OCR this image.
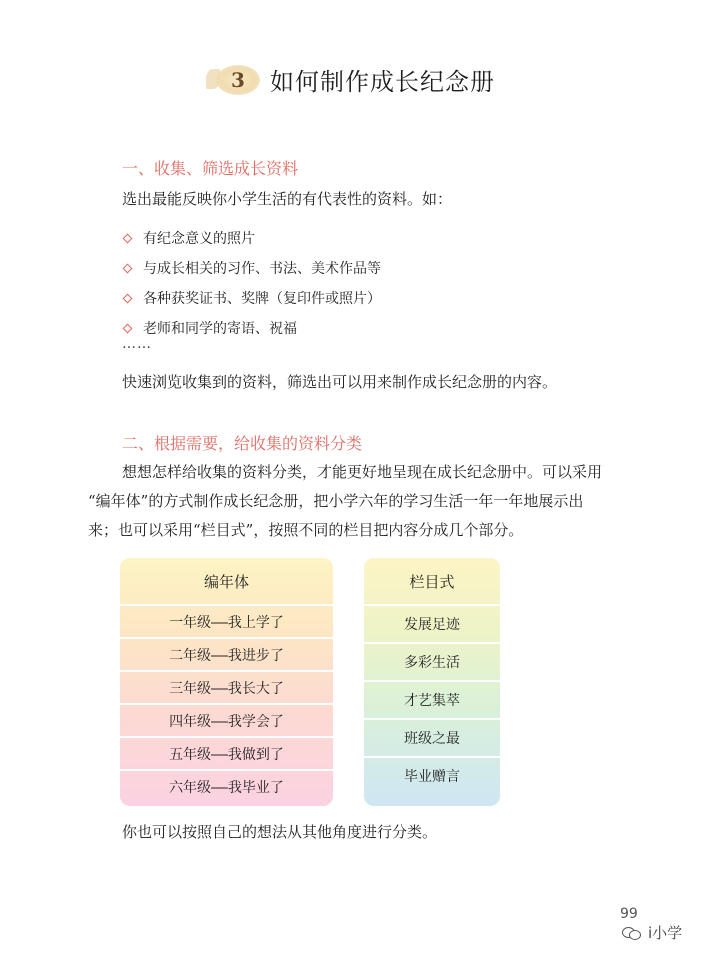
3	如何制作成长纪念册
一、收集、筛选成长资料
选出最能反映你小学生活的有代表性的资料。如：
有纪念意义的照片
与成长相关的习作、书法、美术作品等
各种获奖证书、奖牌（复印件或照片）
老师和同学的寄语、祝福
……
快速浏览收集到的资料，筛选出可以用来制作成长纪念册的内容。
二、根据需要，给收集的资料分类
想想怎样给收集的资料分类，才能更好地呈现在成长纪念册中。可以采用
“编年体”的方式制作成长纪念册，把小学六年的学习生活一年一年地展示出
来；也可以采用“栏目式”，按照不同的栏目把内容分成几个部分。
编年体
一年级——我上学了
二年级——我进步了
三年级——我长大了
四年级——我学会了
五年级——我做到了
六年级——我毕业了
栏目式
发展足迹
多彩生活
才艺集萃
班级之最
毕业赠言
你也可以按照自己的想法从其他角度进行分类。
99
i小学
